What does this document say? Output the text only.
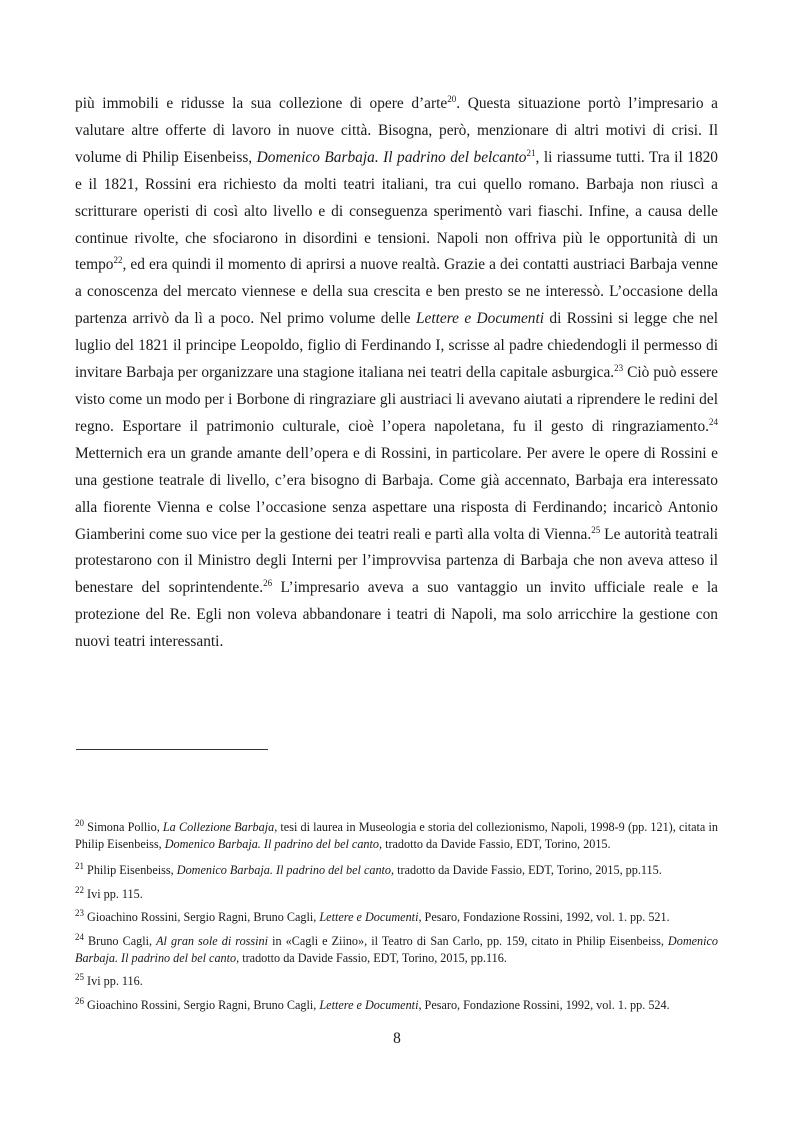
più immobili e ridusse la sua collezione di opere d’arte$^{20}$. Questa situazione portò l’impresario a valutare altre offerte di lavoro in nuove città. Bisogna, però, menzionare di altri motivi di crisi. Il volume di Philip Eisenbeiss, Domenico Barbaja. Il padrino del belcanto$^{21}$, li riassume tutti. Tra il 1820 e il 1821, Rossini era richiesto da molti teatri italiani, tra cui quello romano. Barbaja non riuscì a scritturare operisti di così alto livello e di conseguenza sperimentò vari fiaschi. Infine, a causa delle continue rivolte, che sfociarono in disordini e tensioni. Napoli non offriva più le opportunità di un tempo$^{22}$, ed era quindi il momento di aprirsi a nuove realtà. Grazie a dei contatti austriaci Barbaja venne a conoscenza del mercato viennese e della sua crescita e ben presto se ne interessò. L’occasione della partenza arrivò da lì a poco. Nel primo volume delle Lettere e Documenti di Rossini si legge che nel luglio del 1821 il principe Leopoldo, figlio di Ferdinando I, scrisse al padre chiedendogli il permesso di invitare Barbaja per organizzare una stagione italiana nei teatri della capitale asburgica.$^{23}$ Ciò può essere visto come un modo per i Borbone di ringraziare gli austriaci li avevano aiutati a riprendere le redini del regno. Esportare il patrimonio culturale, cioè l’opera napoletana, fu il gesto di ringraziamento.$^{24}$ Metternich era un grande amante dell’opera e di Rossini, in particolare. Per avere le opere di Rossini e una gestione teatrale di livello, c’era bisogno di Barbaja. Come già accennato, Barbaja era interessato alla fiorente Vienna e colse l’occasione senza aspettare una risposta di Ferdinando; incaricò Antonio Giamberini come suo vice per la gestione dei teatri reali e partì alla volta di Vienna.$^{25}$ Le autorità teatrali protestarono con il Ministro degli Interni per l’improvvisa partenza di Barbaja che non aveva atteso il benestare del soprintendente.$^{26}$ L’impresario aveva a suo vantaggio un invito ufficiale reale e la protezione del Re. Egli non voleva abbandonare i teatri di Napoli, ma solo arricchire la gestione con nuovi teatri interessanti.

$^{20}$ Simona Pollio, La Collezione Barbaja, tesi di laurea in Museologia e storia del collezionismo, Napoli, 1998-9 (pp. 121), citata in Philip Eisenbeiss, Domenico Barbaja. Il padrino del bel canto, tradotto da Davide Fassio, EDT, Torino, 2015.

$^{21}$ Philip Eisenbeiss, Domenico Barbaja. Il padrino del bel canto, tradotto da Davide Fassio, EDT, Torino, 2015, pp.115.

$^{22}$ Ivi pp. 115.

$^{23}$ Gioachino Rossini, Sergio Ragni, Bruno Cagli, Lettere e Documenti, Pesaro, Fondazione Rossini, 1992, vol. 1. pp. 521.

$^{24}$ Bruno Cagli, Al gran sole di rossini in «Cagli e Ziino», il Teatro di San Carlo, pp. 159, citato in Philip Eisenbeiss, Domenico Barbaja. Il padrino del bel canto, tradotto da Davide Fassio, EDT, Torino, 2015, pp.116.

$^{25}$ Ivi pp. 116.

$^{26}$ Gioachino Rossini, Sergio Ragni, Bruno Cagli, Lettere e Documenti, Pesaro, Fondazione Rossini, 1992, vol. 1. pp. 524.

8
